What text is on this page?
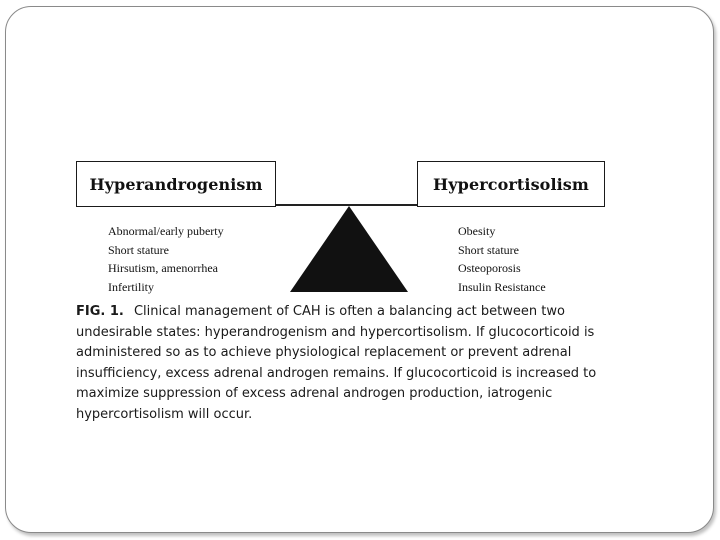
Hyperandrogenism	Hypercortisolism
Abnormal/early puberty
Short stature
Hirsutism, amenorrhea
Infertility
Obesity
Short stature
Osteoporosis
Insulin Resistance
FIG. 1. Clinical management of CAH is often a balancing act between two undesirable states: hyperandrogenism and hypercortisolism. If glucocorticoid is administered so as to achieve physiological replacement or prevent adrenal insufficiency, excess adrenal androgen remains. If glucocorticoid is increased to maximize suppression of excess adrenal androgen production, iatrogenic hypercortisolism will occur.
